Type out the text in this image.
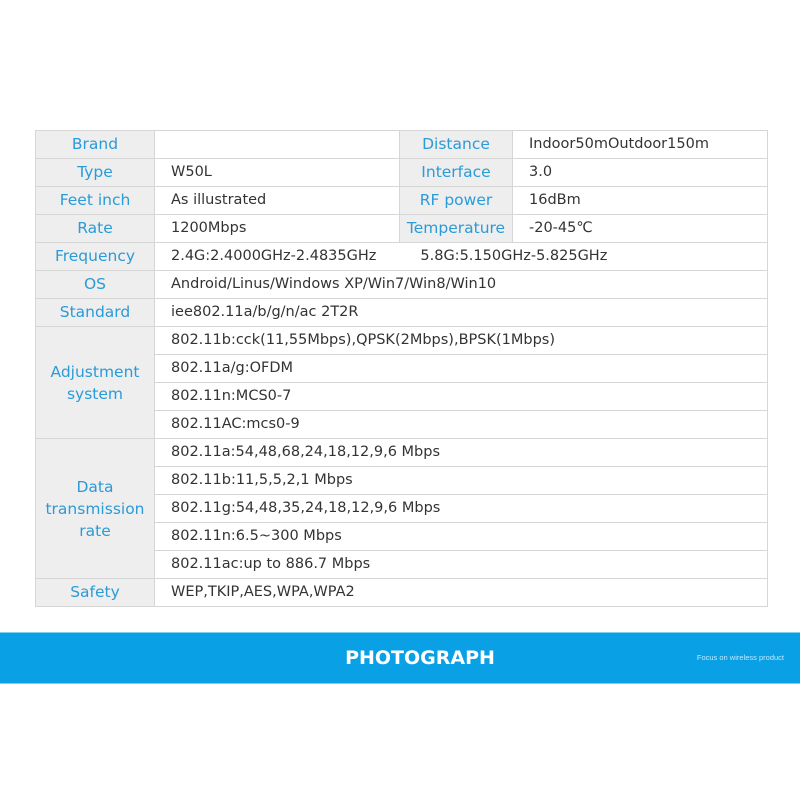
Brand		Distance	Indoor50mOutdoor150m
Type	W50L	Interface	3.0
Feet inch	As illustrated	RF power	16dBm
Rate	1200Mbps	Temperature	-20-45℃
Frequency	2.4G:2.4000GHz-2.4835GHz 5.8G:5.150GHz-5.825GHz		
OS	Android/Linus/Windows XP/Win7/Win8/Win10		
Standard	iee802.11a/b/g/n/ac 2T2R		
Adjustment
system	802.11b:cck(11,55Mbps),QPSK(2Mbps),BPSK(1Mbps)		
	802.11a/g:OFDM		
	802.11n:MCS0-7		
	802.11AC:mcs0-9		
Data
transmission
rate	802.11a:54,48,68,24,18,12,9,6 Mbps		
	802.11b:11,5,5,2,1 Mbps		
	802.11g:54,48,35,24,18,12,9,6 Mbps		
	802.11n:6.5~300 Mbps		
	802.11ac:up to 886.7 Mbps		
Safety	WEP,TKIP,AES,WPA,WPA2		
PHOTOGRAPH	Focus on wireless product
